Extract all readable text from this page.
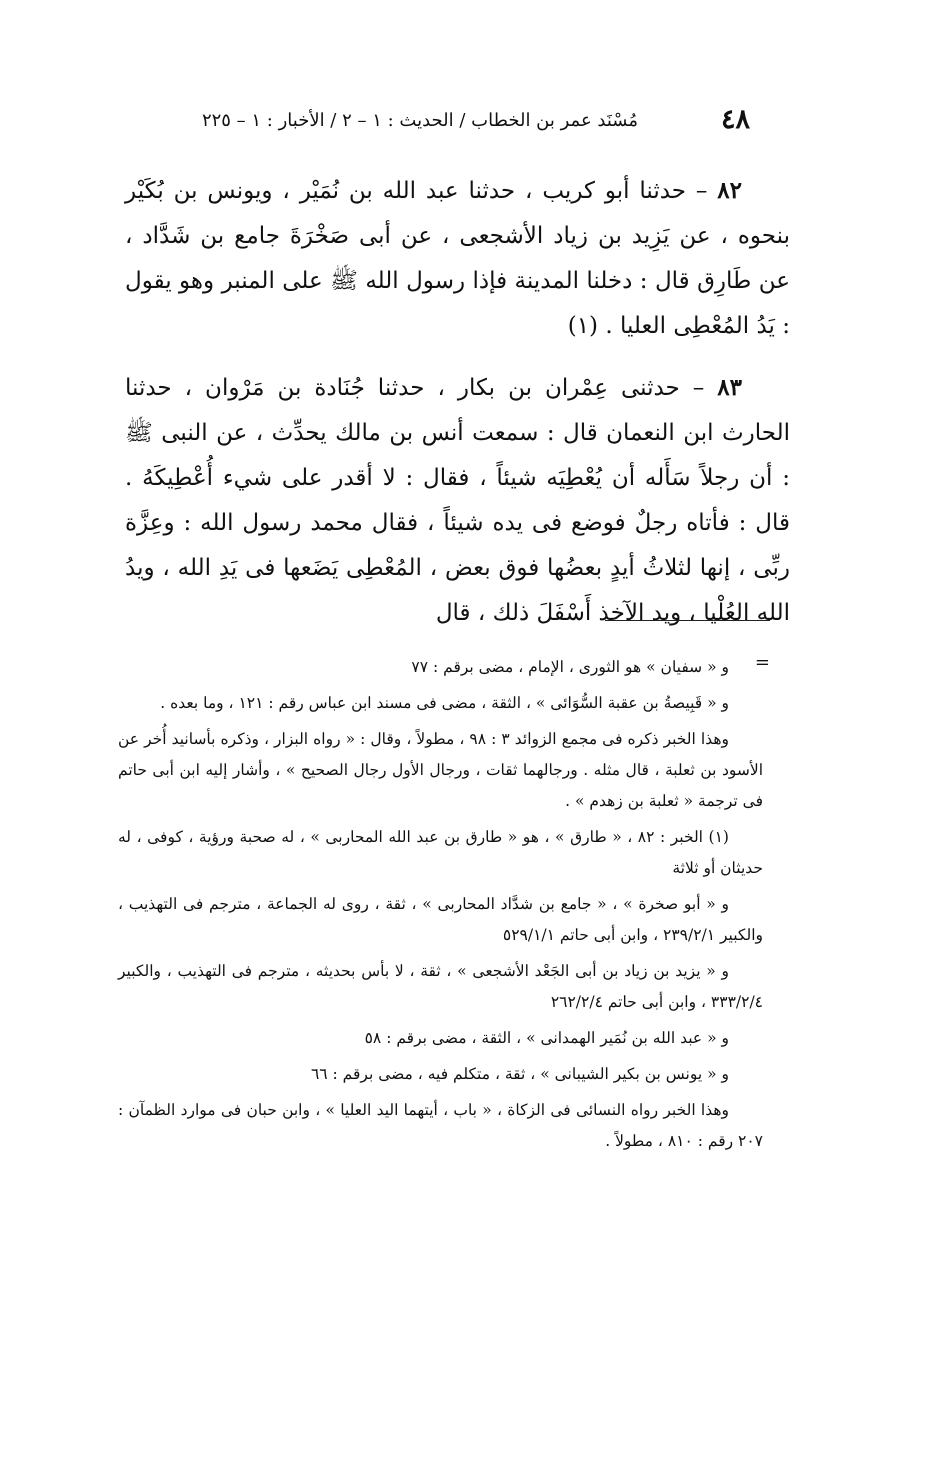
٤٨
مُسْنَد عمر بن الخطاب / الحديث : ١ – ٢ / الأخبار : ١ – ٢٢٥

٨٢ – حدثنا أبو كريب ، حدثنا عبد الله بن نُمَيْر ، ويونس بن بُكَيْر بنحوه ، عن يَزِيد بن زياد الأشجعى ، عن أبى صَخْرَةَ جامع بن شَدَّاد ، عن طَارِق قال : دخلنا المدينة فإذا رسول الله ﷺ على المنبر وهو يقول : يَدُ المُعْطِى العليا . (١)

٨٣ – حدثنى عِمْران بن بكار ، حدثنا جُنَادة بن مَرْوان ، حدثنا الحارث ابن النعمان قال : سمعت أنس بن مالك يحدِّث ، عن النبى ﷺ : أن رجلاً سَأَله أن يُعْطِيَه شيئاً ، فقال : لا أقدر على شيء أُعْطِيكَهُ . قال : فأتاه رجلٌ فوضع فى يده شيئاً ، فقال محمد رسول الله : وعِزَّة ربِّى ، إنها لثلاثُ أيدٍ بعضُها فوق بعض ، المُعْطِى يَضَعها فى يَدِ الله ، ويدُ الله العُلْيا ، ويد الآخذ أَسْفَلَ ذلك ، قال

=

و « سفيان » هو الثورى ، الإمام ، مضى برقم : ٧٧

و « قَبِيصةُ بن عقبة السُّوَائى » ، الثقة ، مضى فى مسند ابن عباس رقم : ١٢١ ، وما بعده .

وهذا الخبر ذكره فى مجمع الزوائد ٣ : ٩٨ ، مطولاً ، وقال : « رواه البزار ، وذكره بأسانيد أُخر عن الأسود بن ثعلبة ، قال مثله . ورجالهما ثقات ، ورجال الأول رجال الصحيح » ، وأشار إليه ابن أبى حاتم فى ترجمة « ثعلبة بن زهدم » .

(١) الخبر : ٨٢ ، « طارق » ، هو « طارق بن عبد الله المحاربى » ، له صحبة ورؤية ، كوفى ، له حديثان أو ثلاثة

و « أبو صخرة » ، « جامع بن شدَّاد المحاربى » ، ثقة ، روى له الجماعة ، مترجم فى التهذيب ، والكبير ٢٣٩/٢/١ ، وابن أبى حاتم ٥٢٩/١/١

و « يزيد بن زياد بن أبى الجَعْد الأشجعى » ، ثقة ، لا بأس بحديثه ، مترجم فى التهذيب ، والكبير ٣٣٣/٢/٤ ، وابن أبى حاتم ٢٦٢/٢/٤

و « عبد الله بن نُمَير الهمدانى » ، الثقة ، مضى برقم : ٥٨

و « يونس بن بكير الشيبانى » ، ثقة ، متكلم فيه ، مضى برقم : ٦٦

وهذا الخبر رواه النسائى فى الزكاة ، « باب ، أيتهما اليد العليا » ، وابن حبان فى موارد الظمآن : ٢٠٧ رقم : ٨١٠ ، مطولاً .
